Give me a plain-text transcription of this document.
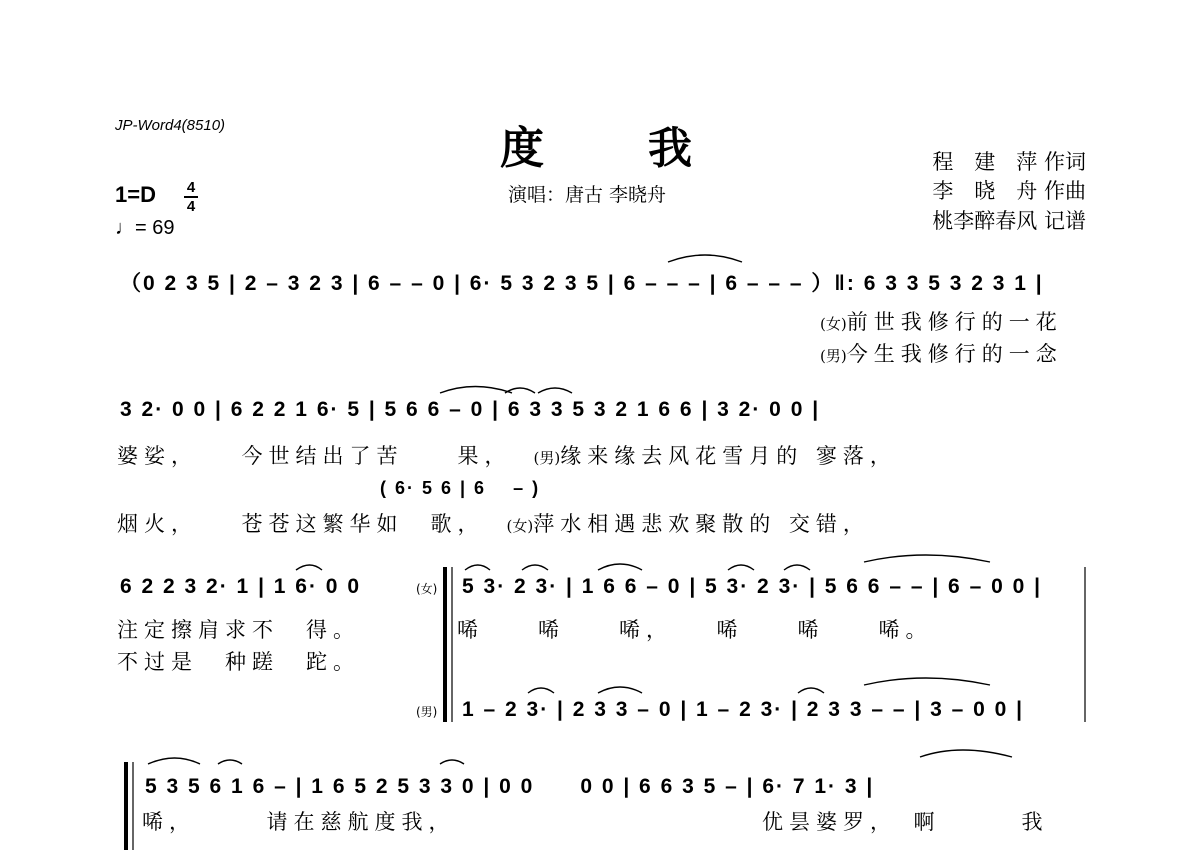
JP-Word4(8510)	度 我
演唱：唐古 李晓舟
程　建　萍 作词
李　晓　舟 作曲
桃李醉春风 记谱
1=D 4
4
♩= 69
（0 2 3 5 | 2 – 3 2 3 | 6 – – 0 | 6· 5 3 2 3 5 | 6 – – – | 6 – – – ）‖: 6 3 3 5 3 2 3 1 |
(女)前世我修行的一花
(男)今生我修行的一念
3 2· 0 0 | 6 2 2 1 6· 5 | 5 6 6 – 0 | 6 3 3 5 3 2 1 6 6 | 3 2· 0 0 |
婆娑，　　今世结出了苦　　果， (男)缘来缘去风花雪月的 寥落，
( 6· 5 6 | 6　 – )
烟火，　　苍苍这繁华如　歌， (女)萍水相遇悲欢聚散的 交错，
6 2 2 3 2· 1 | 1 6· 0 0	(女) 5 3· 2 3· | 1 6 6 – 0 | 5 3· 2 3· | 5 6 6 – – | 6 – 0 0 |
注定擦肩求不　得。
不过是　种蹉　跎。
唏　　唏　　唏，　　唏　　唏　　唏。
(男) 1 – 2 3· | 2 3 3 – 0 | 1 – 2 3· | 2 3 3 – – | 3 – 0 0 |
5 3 5 6 1 6 – | 1 6 5 2 5 3 3 0 | 0 0　　0 0 | 6 6 3 5 – | 6· 7 1· 3 |
唏，　　　请在慈航度我，	优昙婆罗，　啊　　　我
